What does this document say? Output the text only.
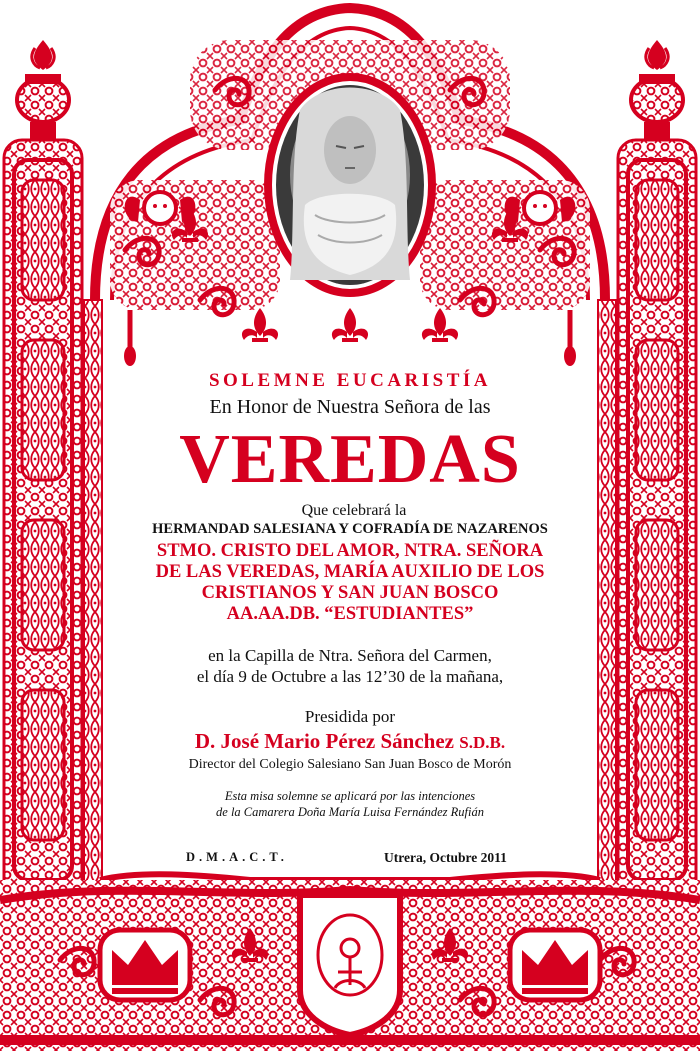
SOLEMNE EUCARISTÍA
En Honor de Nuestra Señora de las
VEREDAS
Que celebrará la
HERMANDAD SALESIANA Y COFRADÍA DE NAZARENOS
STMO. CRISTO DEL AMOR, NTRA. SEÑORA
DE LAS VEREDAS, MARÍA AUXILIO DE LOS
CRISTIANOS Y SAN JUAN BOSCO
AA.AA.DB. “ESTUDIANTES”
en la Capilla de Ntra. Señora del Carmen,
el día 9 de Octubre a las 12’30 de la mañana,
Presidida por
D. José Mario Pérez Sánchez S.D.B.
Director del Colegio Salesiano San Juan Bosco de Morón
Esta misa solemne se aplicará por las intenciones
de la Camarera Doña María Luisa Fernández Rufián
D.M.A.C.T.	Utrera, Octubre 2011
